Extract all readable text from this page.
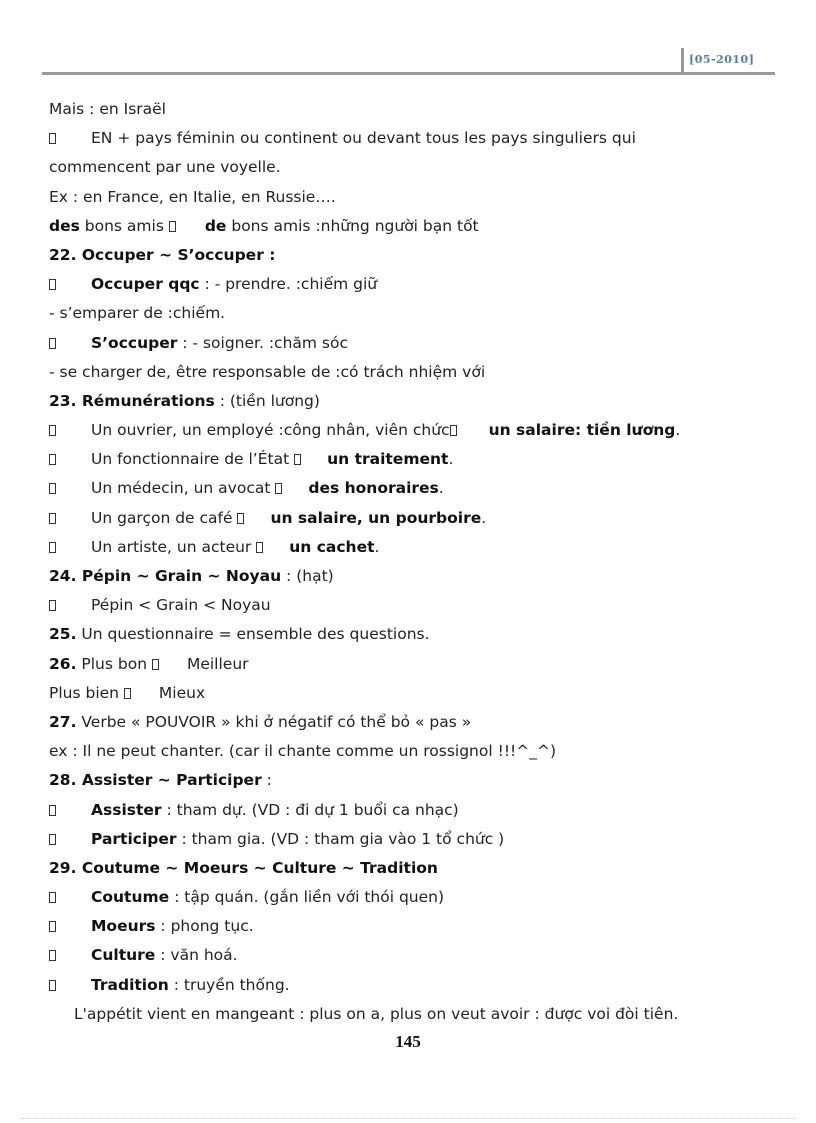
[05-2010]
Mais : en Israël
EN + pays féminin ou continent ou devant tous les pays singuliers qui
commencent par une voyelle.
Ex : en France, en Italie, en Russie….
des bons amis de bons amis :những người bạn tốt
22. Occuper ~ S’occuper :
Occuper qqc : - prendre. :chiếm giữ
- s’emparer de :chiếm.
S’occuper : - soigner. :chăm sóc
- se charger de, être responsable de :có trách nhiệm với
23. Rémunérations : (tiền lương)
Un ouvrier, un employé :công nhân, viên chức	un salaire: tiền lương.
Un fonctionnaire de l’État un traitement.
Un médecin, un avocat des honoraires.
Un garçon de café un salaire, un pourboire.
Un artiste, un acteur un cachet.
24. Pépin ~ Grain ~ Noyau : (hạt)
Pépin < Grain < Noyau
25. Un questionnaire = ensemble des questions.
26. Plus bon Meilleur
Plus bien Mieux
27. Verbe « POUVOIR » khi ở négatif có thể bỏ « pas »
ex : Il ne peut chanter. (car il chante comme un rossignol !!!^_^)
28. Assister ~ Participer :
Assister : tham dự. (VD : đi dự 1 buổi ca nhạc)
Participer : tham gia. (VD : tham gia vào 1 tổ chức )
29. Coutume ~ Moeurs ~ Culture ~ Tradition
Coutume : tập quán. (gắn liền với thói quen)
Moeurs : phong tục.
Culture : văn hoá.
Tradition : truyền thống.
L'appétit vient en mangeant : plus on a, plus on veut avoir : được voi đòi tiên.
145
